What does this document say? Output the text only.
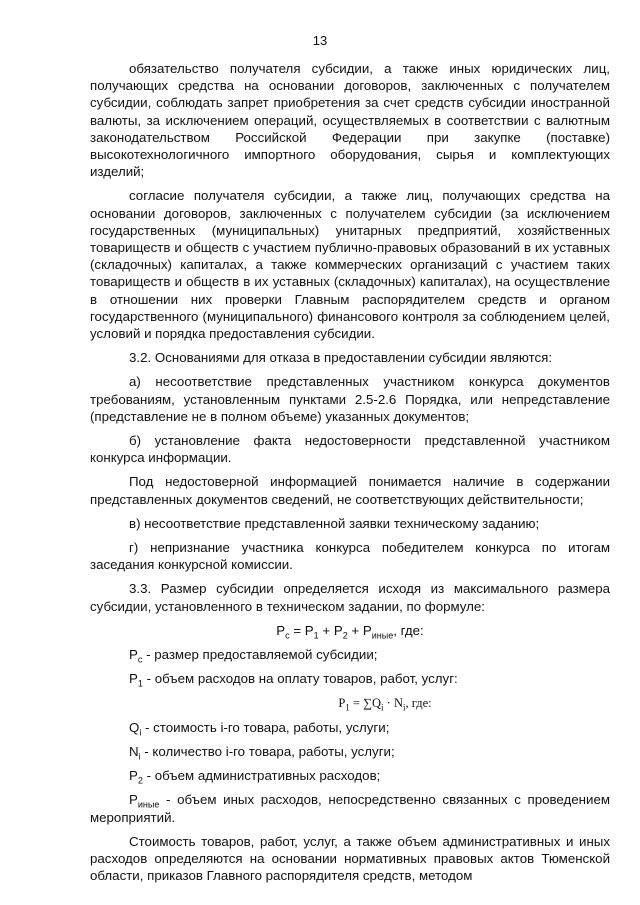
13

обязательство получателя субсидии, а также иных юридических лиц, получающих средства на основании договоров, заключенных с получателем субсидии, соблюдать запрет приобретения за счет средств субсидии иностранной валюты, за исключением операций, осуществляемых в соответствии с валютным законодательством Российской Федерации при закупке (поставке) высокотехнологичного импортного оборудования, сырья и комплектующих изделий;

согласие получателя субсидии, а также лиц, получающих средства на основании договоров, заключенных с получателем субсидии (за исключением государственных (муниципальных) унитарных предприятий, хозяйственных товариществ и обществ с участием публично-правовых образований в их уставных (складочных) капиталах, а также коммерческих организаций с участием таких товариществ и обществ в их уставных (складочных) капиталах), на осуществление в отношении них проверки Главным распорядителем средств и органом государственного (муниципального) финансового контроля за соблюдением целей, условий и порядка предоставления субсидии.

3.2. Основаниями для отказа в предоставлении субсидии являются:

а) несоответствие представленных участником конкурса документов требованиям, установленным пунктами 2.5-2.6 Порядка, или непредставление (представление не в полном объеме) указанных документов;

б) установление факта недостоверности представленной участником конкурса информации.

Под недостоверной информацией понимается наличие в содержании представленных документов сведений, не соответствующих действительности;

в) несоответствие представленной заявки техническому заданию;

г) непризнание участника конкурса победителем конкурса по итогам заседания конкурсной комиссии.

3.3. Размер субсидии определяется исходя из максимального размера субсидии, установленного в техническом задании, по формуле:

$P_с = P_1 + P_2 + P_{иные}$, где:

$P_с$ - размер предоставляемой субсидии;

$P_1$ - объем расходов на оплату товаров, работ, услуг:

$P_1 = \sum Q_i \cdot N_i$, где:

$Q_i$ - стоимость i-го товара, работы, услуги;

$N_i$ - количество i-го товара, работы, услуги;

$P_2$ - объем административных расходов;

$P_{иные}$ - объем иных расходов, непосредственно связанных с проведением мероприятий.

Стоимость товаров, работ, услуг, а также объем административных и иных расходов определяются на основании нормативных правовых актов Тюменской области, приказов Главного распорядителя средств, методом
